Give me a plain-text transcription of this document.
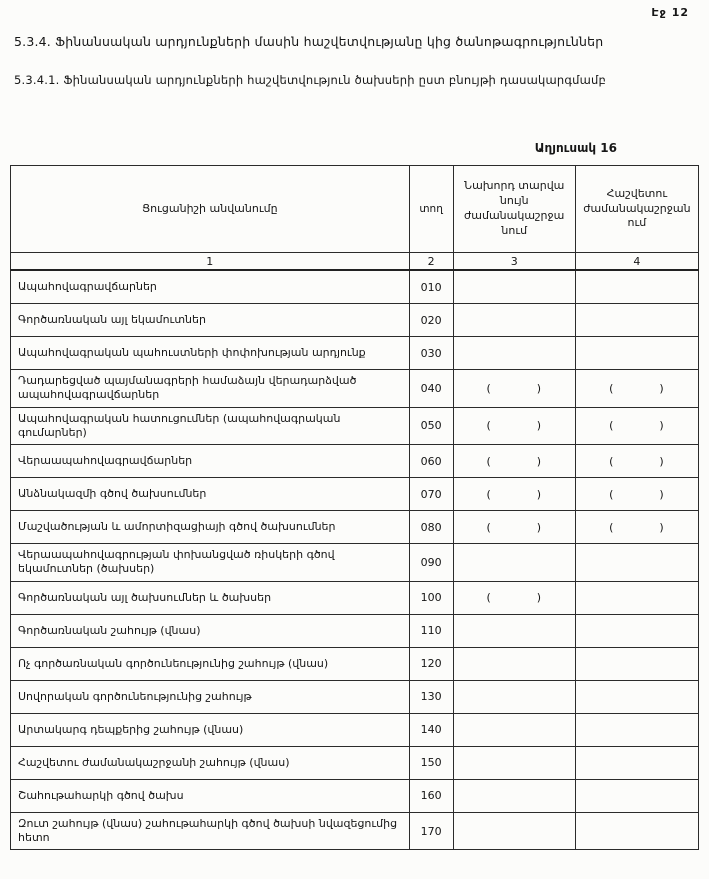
Էջ 12
5.3.4. Ֆինանսական արդյունքների մասին հաշվետվությանը կից ծանոթագրություններ
5.3.4.1. Ֆինանսական արդյունքների հաշվետվություն ծախսերի ըստ բնույթի դասակարգմամբ
Աղյուսակ 16
Ցուցանիշի անվանումը	տող	Նախորդ տարվա նույն ժամանակաշրջանում	Հաշվետու ժամանակաշրջանում
1	2	3	4
Ապահովագրավճարներ	010		
Գործառնական այլ եկամուտներ	020		
Ապահովագրական պահուստների փոփոխության արդյունք	030		
Դադարեցված պայմանագրերի համաձայն վերադարձված ապահովագրավճարներ	040	(          )	(          )
Ապահովագրական հատուցումներ (ապահովագրական գումարներ)	050	(          )	(          )
Վերաապահովագրավճարներ	060	(          )	(          )
Անձնակազմի գծով ծախսումներ	070	(          )	(          )
Մաշվածության և ամորտիզացիայի գծով ծախսումներ	080	(          )	(          )
Վերաապահովագրության փոխանցված ռիսկերի գծով եկամուտներ (ծախսեր)	090		
Գործառնական այլ ծախսումներ և ծախսեր	100	(          )	
Գործառնական շահույթ (վնաս)	110		
Ոչ գործառնական գործունեությունից շահույթ (վնաս)	120		
Սովորական գործունեությունից շահույթ	130		
Արտակարգ դեպքերից շահույթ (վնաս)	140		
Հաշվետու ժամանակաշրջանի շահույթ (վնաս)	150		
Շահութահարկի գծով ծախս	160		
Զուտ շահույթ (վնաս) շահութահարկի գծով ծախսի նվազեցումից հետո	170		
